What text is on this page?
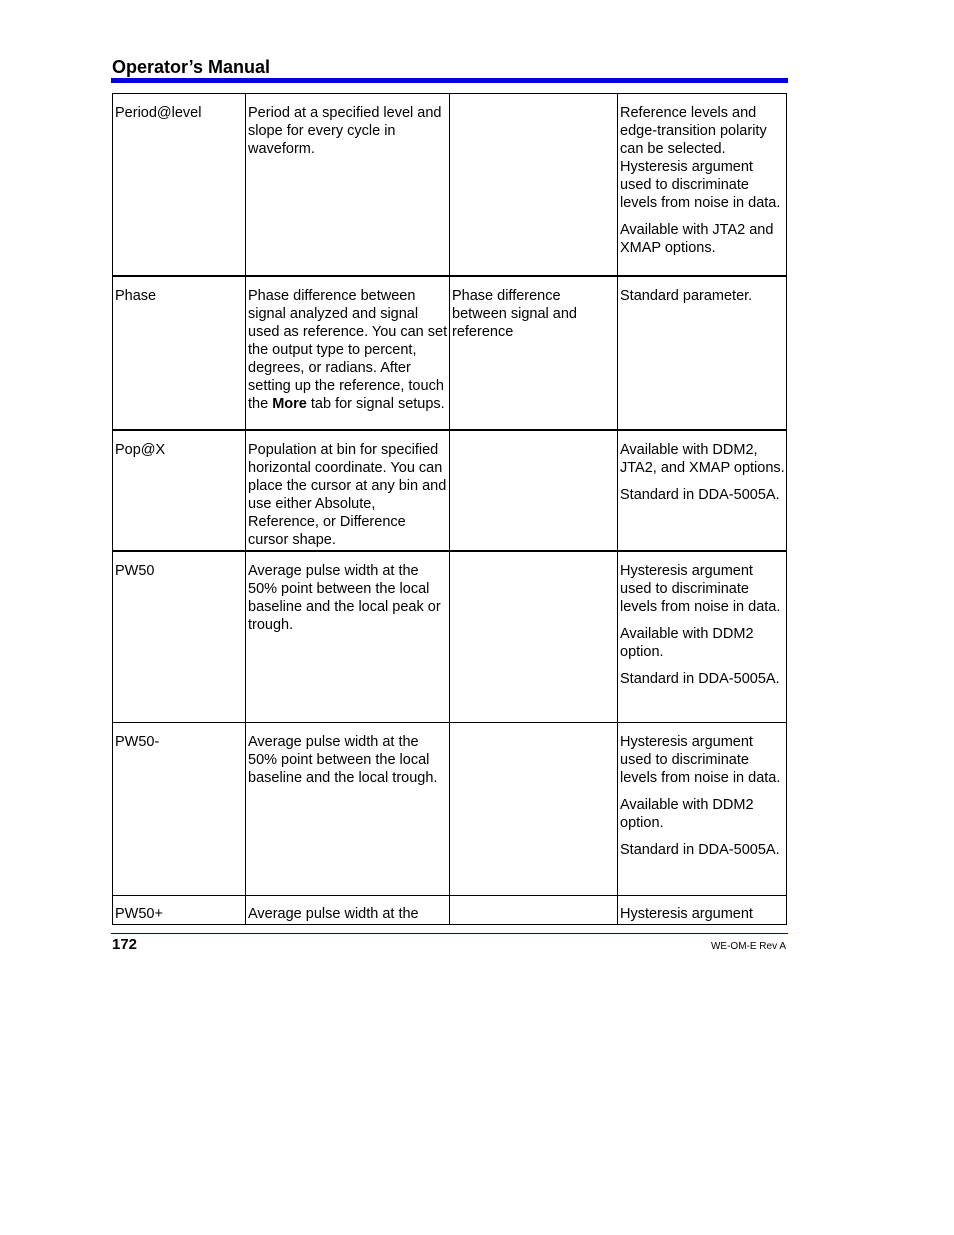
Operator’s Manual

Period@level	Period at a specified level and slope for every cycle in waveform.		Reference levels and edge-transition polarity can be selected. Hysteresis argument used to discriminate levels from noise in data.

Available with JTA2 and XMAP options.

Phase	Phase difference between signal analyzed and signal used as reference. You can set the output type to percent, degrees, or radians. After setting up the reference, touch the More tab for signal setups.	Phase difference between signal and reference	Standard parameter.

Pop@X	Population at bin for specified horizontal coordinate. You can place the cursor at any bin and use either Absolute, Reference, or Difference cursor shape.		Available with DDM2, JTA2, and XMAP options.

Standard in DDA-5005A.

PW50	Average pulse width at the 50% point between the local baseline and the local peak or trough.		Hysteresis argument used to discriminate levels from noise in data.

Available with DDM2 option.

Standard in DDA-5005A.

PW50-	Average pulse width at the 50% point between the local baseline and the local trough.		Hysteresis argument used to discriminate levels from noise in data.

Available with DDM2 option.

Standard in DDA-5005A.

PW50+	Average pulse width at the		Hysteresis argument

172	WE-OM-E Rev A
